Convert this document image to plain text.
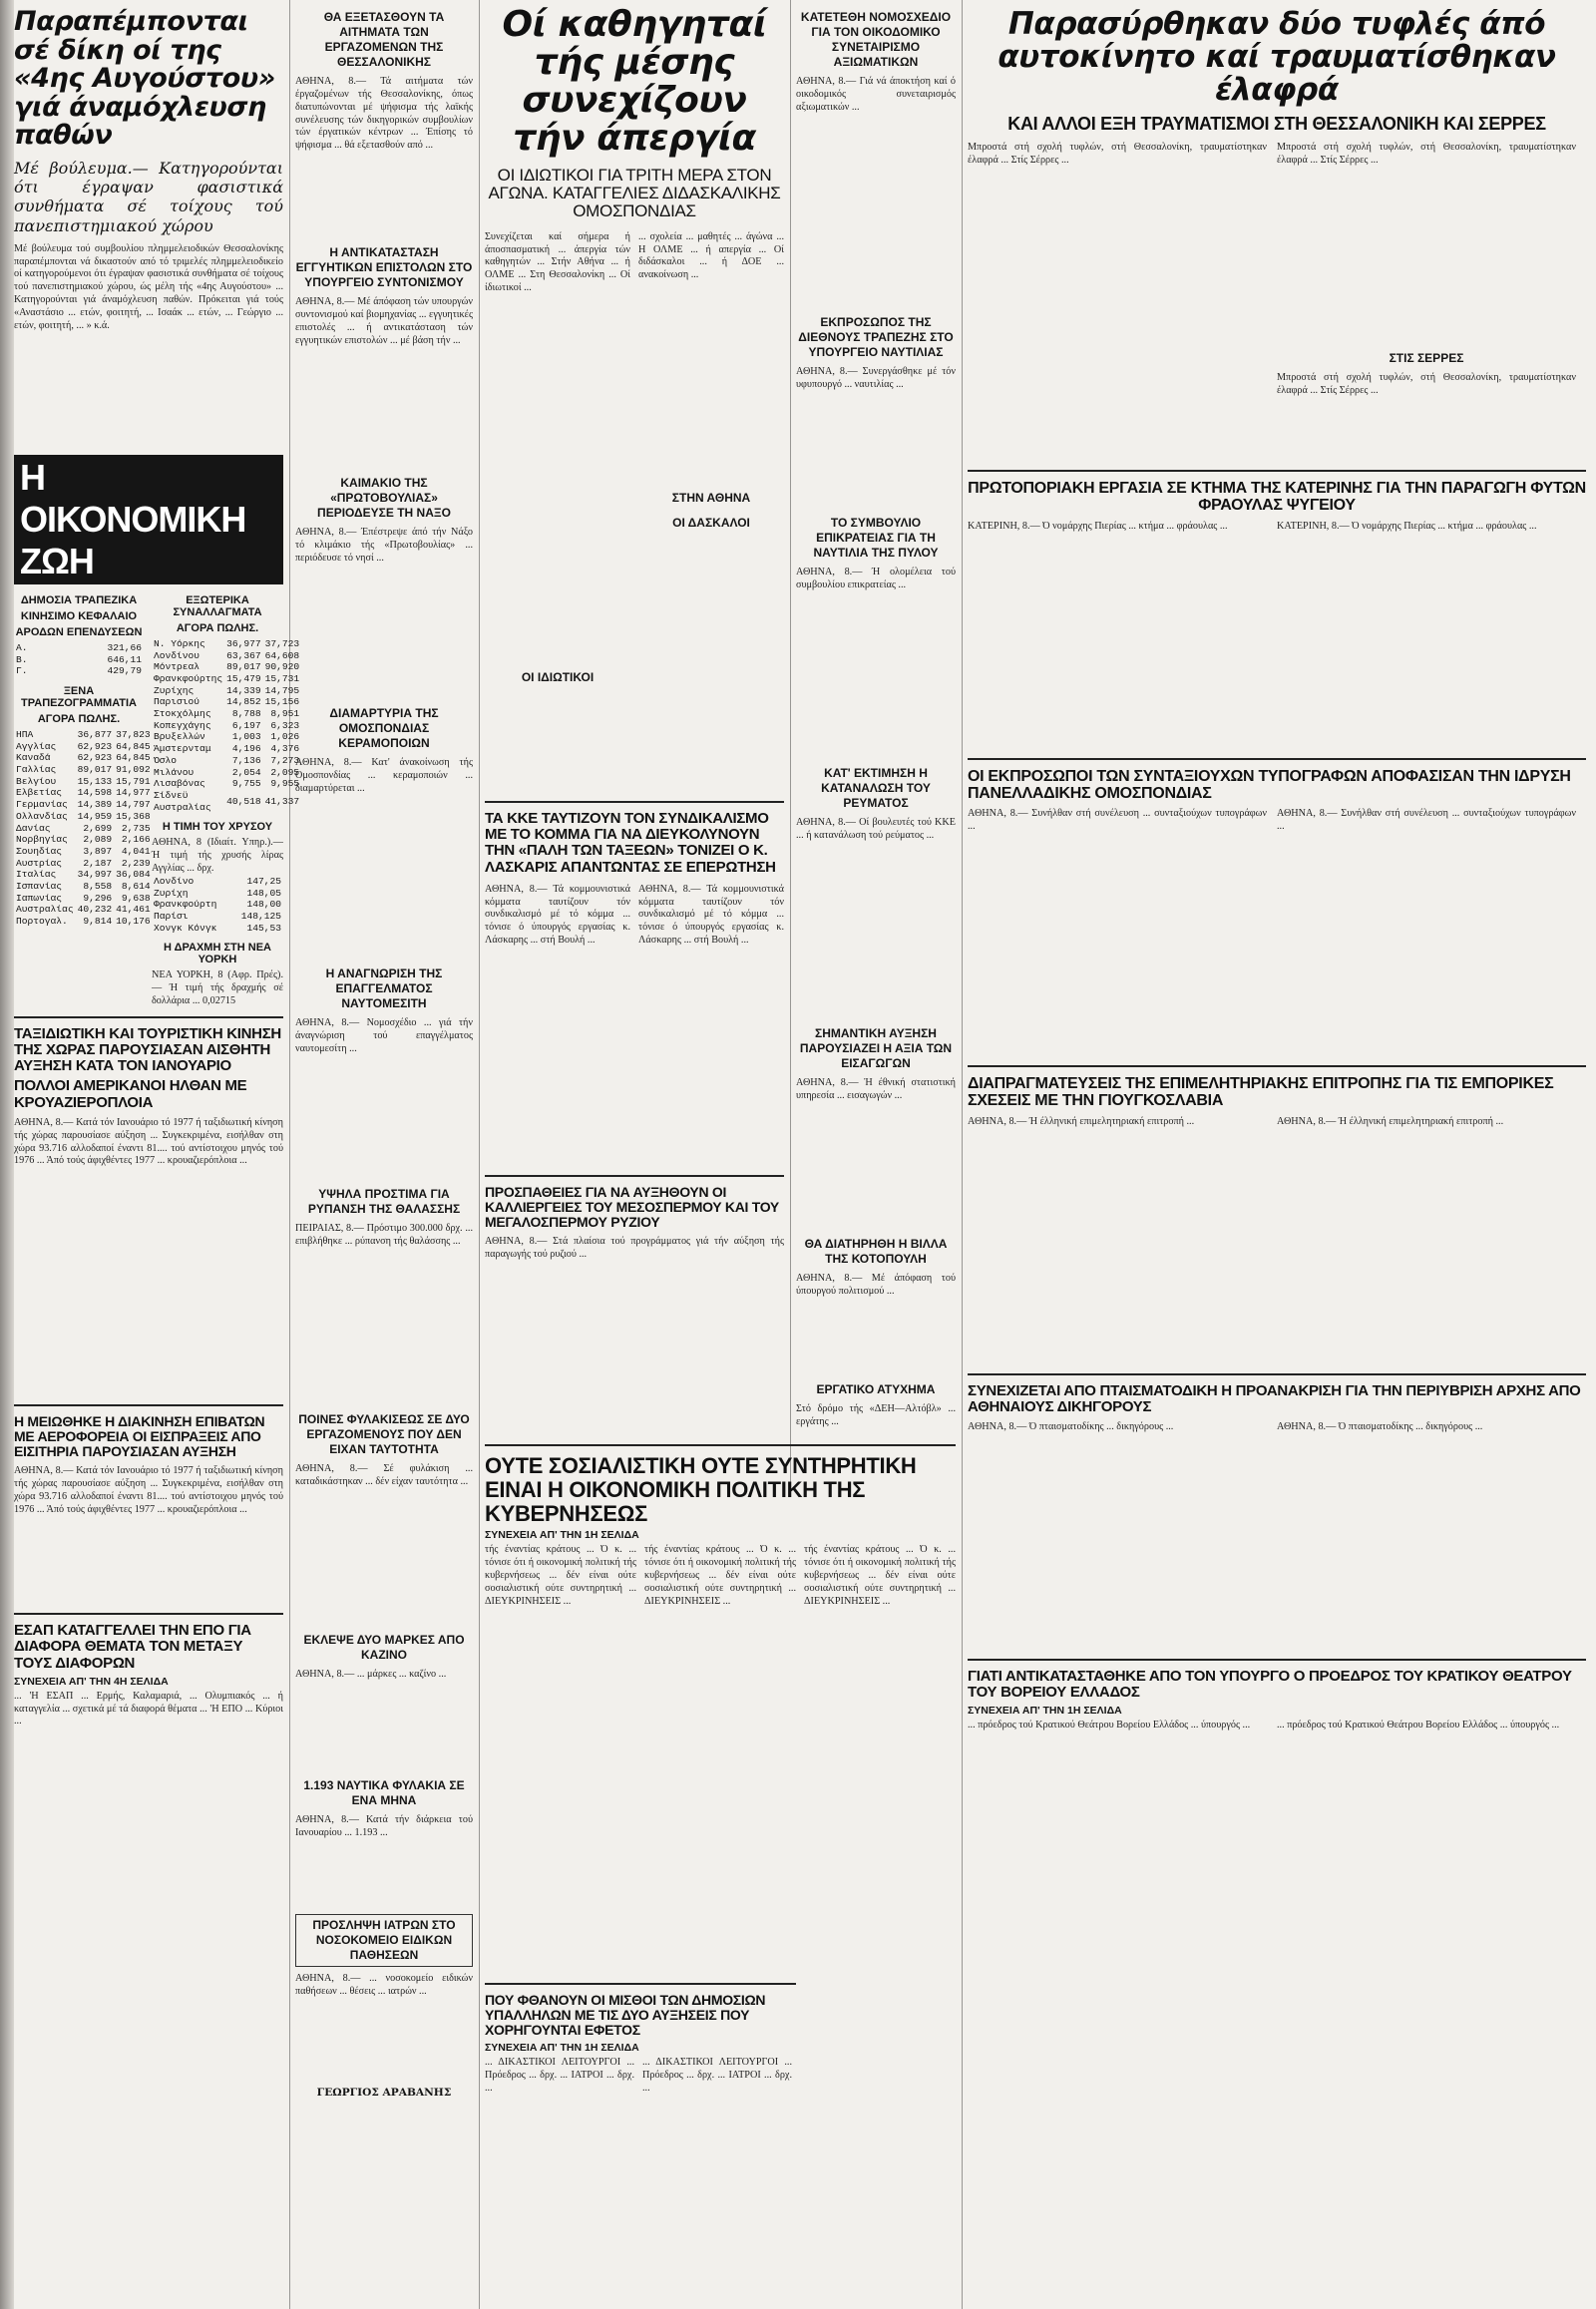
Παραπέμπονται σέ δίκη οί της «4ης Αυγούστου» γιά άναμόχλευση παθών
Μέ βούλευμα.— Κατηγορούνται ότι έγραψαν φασιστικά συνθήματα σέ τοίχους τού πανεπιστημιακού χώρου
Μέ βούλευμα τού συμβουλίου πλημμελειοδικών Θεσσαλονίκης παραπέμπονται νά δικαστούν από τό τριμελές πλημμελειοδικείο οί κατηγορούμενοι ότι έγραψαν φασιστικά συνθήματα σέ τοίχους τού πανεπιστημιακού χώρου, ώς μέλη τής «4ης Αυγούστου» ... Κατηγορούνται γιά άναμόχλευση παθών. Πρόκειται γιά τούς «Αναστάσιο ... ετών, φοιτητή, ... Ισαάκ ... ετών, ... Γεώργιο ... ετών, φοιτητή, ... » κ.ά.
Η ΟΙΚΟΝΟΜΙΚΗ ΖΩΗ
ΔΗΜΟΣΙΑ ΤΡΑΠΕΖΙΚΑ
ΚΙΝΗΣΙΜΟ ΚΕΦΑΛΑΙΟ
ΑΡΟΔΩΝ ΕΠΕΝΔΥΣΕΩΝ
Α.	321,66
Β.	646,11
Γ.	429,79
ΞΕΝΑ ΤΡΑΠΕΖΟΓΡΑΜΜΑΤΙΑ
ΑΓΟΡΑ ΠΩΛΗΣ.
ΗΠΑ	36,877	37,823
Αγγλίας	62,923	64,845
Καναδά	62,923	64,845
Γαλλίας	89,017	91,092
Βελγίου	15,133	15,791
Ελβετίας	14,598	14,977
Γερμανίας	14,389	14,797
Ολλανδίας	14,959	15,368
Δανίας	2,699	2,735
Νορβηγίας	2,089	2,166
Σουηδίας	3,897	4,041
Αυστρίας	2,187	2,239
Ιταλίας	34,997	36,084
Ισπανίας	8,558	8,614
Ιαπωνίας	9,296	9,638
Αυστραλίας	40,232	41,461
Πορτογαλ.	9,814	10,176
ΕΞΩΤΕΡΙΚΑ ΣΥΝΑΛΛΑΓΜΑΤΑ
ΑΓΟΡΑ ΠΩΛΗΣ.
Ν. Υόρκης	36,977	37,723
Λονδίνου	63,367	64,608
Μόντρεαλ	89,017	90,920
Φρανκφούρτης	15,479	15,731
Ζυρίχης	14,339	14,795
Παρισιού	14,852	15,156
Στοκχόλμης	8,788	8,951
Κοπεγχάγης	6,197	6,323
Βρυξελλών	1,003	1,026
Άμστερνταμ	4,196	4,376
Όσλο	7,136	7,273
Μιλάνου	2,054	2,095
Λισαβόνας	9,755	9,955
Σίδνεϋ Αυστραλίας	40,518	41,337
Η ΤΙΜΗ ΤΟΥ ΧΡΥΣΟΥ
ΑΘΗΝΑ, 8 (Ιδιαίτ. Υπηρ.).— Ή τιμή τής χρυσής λίρας Αγγλίας ... δρχ.
Λονδίνο	147,25
Ζυρίχη	148,05
Φρανκφούρτη	148,00
Παρίσι	148,125
Χονγκ Κόνγκ	145,53
Η ΔΡΑΧΜΗ ΣΤΗ ΝΕΑ ΥΟΡΚΗ
ΝΕΑ ΥΟΡΚΗ, 8 (Αφρ. Πρές).— Ή τιμή τής δραχμής σέ δολλάρια ... 0,02715
ΤΑΞΙΔΙΩΤΙΚΗ ΚΑΙ ΤΟΥΡΙΣΤΙΚΗ ΚΙΝΗΣΗ ΤΗΣ ΧΩΡΑΣ ΠΑΡΟΥΣΙΑΣΑΝ ΑΙΣΘΗΤΗ ΑΥΞΗΣΗ ΚΑΤΑ ΤΟΝ ΙΑΝΟΥΑΡΙΟ
ΠΟΛΛΟΙ ΑΜΕΡΙΚΑΝΟΙ ΗΛΘΑΝ ΜΕ ΚΡΟΥΑΖΙΕΡΟΠΛΟΙΑ
ΑΘΗΝΑ, 8.— Κατά τόν Ιανουάριο τό 1977 ή ταξιδιωτική κίνηση τής χώρας παρουσίασε αύξηση ... Συγκεκριμένα, εισήλθαν στη χώρα 93.716 αλλοδαποί έναντι 81.... τού αντίστοιχου μηνός τού 1976 ... Άπό τούς άφιχθέντες 1977 ... κρουαζιερόπλοια ...
Η ΜΕΙΩΘΗΚΕ Η ΔΙΑΚΙΝΗΣΗ ΕΠΙΒΑΤΩΝ ΜΕ ΑΕΡΟΦΟΡΕΙΑ ΟΙ ΕΙΣΠΡΑΞΕΙΣ ΑΠΟ ΕΙΣΙΤΗΡΙΑ ΠΑΡΟΥΣΙΑΣΑΝ ΑΥΞΗΣΗ
ΑΘΗΝΑ, 8.— Κατά τόν Ιανουάριο τό 1977 ή ταξιδιωτική κίνηση τής χώρας παρουσίασε αύξηση ... Συγκεκριμένα, εισήλθαν στη χώρα 93.716 αλλοδαποί έναντι 81.... τού αντίστοιχου μηνός τού 1976 ... Άπό τούς άφιχθέντες 1977 ... κρουαζιερόπλοια ...
ΕΣΑΠ ΚΑΤΑΓΓΕΛΛΕΙ ΤΗΝ ΕΠΟ ΓΙΑ ΔΙΑΦΟΡΑ ΘΕΜΑΤΑ ΤΟΝ ΜΕΤΑΞΥ ΤΟΥΣ ΔΙΑΦΟΡΩΝ
ΣΥΝΕΧΕΙΑ ΑΠ' ΤΗΝ 4Η ΣΕΛΙΔΑ
... 'Η ΕΣΑΠ ... Ερμής, Καλαμαριά, ... Ολυμπιακός ... ή καταγγελία ... σχετικά μέ τά διαφορά θέματα ... 'Η ΕΠΟ ... Κύριοι ...
ΘΑ ΕΞΕΤΑΣΘΟΥΝ ΤΑ ΑΙΤΗΜΑΤΑ ΤΩΝ ΕΡΓΑΖΟΜΕΝΩΝ ΤΗΣ ΘΕΣΣΑΛΟΝΙΚΗΣ
ΑΘΗΝΑ, 8.— Τά αιτήματα τών έργαζομένων τής Θεσσαλονίκης, όπως διατυπώνονται μέ ψήφισμα τής λαϊκής συνέλευσης τών δικηγορικών συμβουλίων τών έργατικών κέντρων ... Έπίσης τό ψήφισμα ... θά εξετασθούν από ...
Η ΑΝΤΙΚΑΤΑΣΤΑΣΗ ΕΓΓΥΗΤΙΚΩΝ ΕΠΙΣΤΟΛΩΝ ΣΤΟ ΥΠΟΥΡΓΕΙΟ ΣΥΝΤΟΝΙΣΜΟΥ
ΑΘΗΝΑ, 8.— Μέ άπόφαση τών υπουργών συντονισμού καί βιομηχανίας ... εγγυητικές επιστολές ... ή αντικατάσταση τών εγγυητικών επιστολών ... μέ βάση τήν ...
ΚΑΙΜΑΚΙΟ ΤΗΣ «ΠΡΩΤΟΒΟΥΛΙΑΣ» ΠΕΡΙΟΔΕΥΣΕ ΤΗ ΝΑΞΟ
ΑΘΗΝΑ, 8.— Έπέστρεψε άπό τήν Νάξο τό κλιμάκιο τής «Πρωτοβουλίας» ... περιόδευσε τό νησί ...
ΔΙΑΜΑΡΤΥΡΙΑ ΤΗΣ ΟΜΟΣΠΟΝΔΙΑΣ ΚΕΡΑΜΟΠΟΙΩΝ
ΑΘΗΝΑ, 8.— Κατ' άνακοίνωση τής Ομοσπονδίας ... κεραμοποιών ... διαμαρτύρεται ...
Η ΑΝΑΓΝΩΡΙΣΗ ΤΗΣ ΕΠΑΓΓΕΛΜΑΤΟΣ ΝΑΥΤΟΜΕΣΙΤΗ
ΑΘΗΝΑ, 8.— Νομοσχέδιο ... γιά τήν άναγνώριση τού επαγγέλματος ναυτομεσίτη ...
ΥΨΗΛΑ ΠΡΟΣΤΙΜΑ ΓΙΑ ΡΥΠΑΝΣΗ ΤΗΣ ΘΑΛΑΣΣΗΣ
ΠΕΙΡΑΙΑΣ, 8.— Πρόστιμο 300.000 δρχ. ... επιβλήθηκε ... ρύπανση τής θαλάσσης ...
ΠΟΙΝΕΣ ΦΥΛΑΚΙΣΕΩΣ ΣΕ ΔΥΟ ΕΡΓΑΖΟΜΕΝΟΥΣ ΠΟΥ ΔΕΝ ΕΙΧΑΝ ΤΑΥΤΟΤΗΤΑ
ΑΘΗΝΑ, 8.— Σέ φυλάκιση ... καταδικάστηκαν ... δέν είχαν ταυτότητα ...
ΕΚΛΕΨΕ ΔΥΟ ΜΑΡΚΕΣ ΑΠΟ ΚΑΖΙΝΟ
ΑΘΗΝΑ, 8.— ... μάρκες ... καζίνο ...
1.193 ΝΑΥΤΙΚΑ ΦΥΛΑΚΙΑ ΣΕ ΕΝΑ ΜΗΝΑ
ΑΘΗΝΑ, 8.— Κατά τήν διάρκεια τού Ιανουαρίου ... 1.193 ...
ΠΡΟΣΛΗΨΗ ΙΑΤΡΩΝ ΣΤΟ ΝΟΣΟΚΟΜΕΙΟ ΕΙΔΙΚΩΝ ΠΑΘΗΣΕΩΝ
ΑΘΗΝΑ, 8.— ... νοσοκομείο ειδικών παθήσεων ... θέσεις ... ιατρών ...
ΓΕΩΡΓΙΟΣ ΑΡΑΒΑΝΗΣ
Οί καθηγηταί τής μέσης συνεχίζουν τήν άπεργία
ΟΙ ΙΔΙΩΤΙΚΟΙ ΓΙΑ ΤΡΙΤΗ ΜΕΡΑ ΣΤΟΝ ΑΓΩΝΑ. ΚΑΤΑΓΓΕΛΙΕΣ ΔΙΔΑΣΚΑΛΙΚΗΣ ΟΜΟΣΠΟΝΔΙΑΣ
Συνεχίζεται καί σήμερα ή άποσπασματική ... άπεργία τών καθηγητών ... Στήν Αθήνα ... ή ΟΛΜΕ ... Στη Θεσσαλονίκη ... Οί ίδιωτικοί ...
ΟΙ ΙΔΙΩΤΙΚΟΙ
... σχολεία ... μαθητές ... άγώνα ... Η ΟΛΜΕ ... ή απεργία ... Οί διδάσκαλοι ... ή ΔΟΕ ... ανακοίνωση ...
ΣΤΗΝ ΑΘΗΝΑ
ΟΙ ΔΑΣΚΑΛΟΙ
ΚΑΤΕΤΕΘΗ ΝΟΜΟΣΧΕΔΙΟ ΓΙΑ ΤΟΝ ΟΙΚΟΔΟΜΙΚΟ ΣΥΝΕΤΑΙΡΙΣΜΟ ΑΞΙΩΜΑΤΙΚΩΝ
ΑΘΗΝΑ, 8.— Γιά νά άποκτήση καί ό οικοδομικός συνεταιρισμός αξιωματικών ...
ΕΚΠΡΟΣΩΠΟΣ ΤΗΣ ΔΙΕΘΝΟΥΣ ΤΡΑΠΕΖΗΣ ΣΤΟ ΥΠΟΥΡΓΕΙΟ ΝΑΥΤΙΛΙΑΣ
ΑΘΗΝΑ, 8.— Συνεργάσθηκε μέ τόν υφυπουργό ... ναυτιλίας ...
ΤΟ ΣΥΜΒΟΥΛΙΟ ΕΠΙΚΡΑΤΕΙΑΣ ΓΙΑ ΤΗ ΝΑΥΤΙΛΙΑ ΤΗΣ ΠΥΛΟΥ
ΑΘΗΝΑ, 8.— Ή ολομέλεια τού συμβουλίου επικρατείας ...
ΚΑΤ' ΕΚΤΙΜΗΣΗ Η ΚΑΤΑΝΑΛΩΣΗ ΤΟΥ ΡΕΥΜΑΤΟΣ
ΑΘΗΝΑ, 8.— Οί βουλευτές τού ΚΚΕ ... ή κατανάλωση τού ρεύματος ...
ΣΗΜΑΝΤΙΚΗ ΑΥΞΗΣΗ ΠΑΡΟΥΣΙΑΖΕΙ Η ΑΞΙΑ ΤΩΝ ΕΙΣΑΓΩΓΩΝ
ΑΘΗΝΑ, 8.— Ή έθνική στατιστική υπηρεσία ... εισαγωγών ...
ΘΑ ΔΙΑΤΗΡΗΘΗ Η ΒΙΛΛΑ ΤΗΣ ΚΟΤΟΠΟΥΛΗ
ΑΘΗΝΑ, 8.— Μέ άπόφαση τού ύπουργού πολιτισμού ...
ΕΡΓΑΤΙΚΟ ΑΤΥΧΗΜΑ
Στό δρόμο τής «ΔΕΗ—Αλτόβλ» ... εργάτης ...
ΤΑ ΚΚΕ ΤΑΥΤΙΖΟΥΝ ΤΟΝ ΣΥΝΔΙΚΑΛΙΣΜΟ ΜΕ ΤΟ ΚΟΜΜΑ ΓΙΑ ΝΑ ΔΙΕΥΚΟΛΥΝΟΥΝ ΤΗΝ «ΠΑΛΗ ΤΩΝ ΤΑΞΕΩΝ» ΤΟΝΙΖΕΙ Ο Κ. ΛΑΣΚΑΡΙΣ ΑΠΑΝΤΩΝΤΑΣ ΣΕ ΕΠΕΡΩΤΗΣΗ
ΑΘΗΝΑ, 8.— Τά κομμουνιστικά κόμματα ταυτίζουν τόν συνδικαλισμό μέ τό κόμμα ... τόνισε ό ύπουργός εργασίας κ. Λάσκαρης ... στή Βουλή ...
ΑΘΗΝΑ, 8.— Τά κομμουνιστικά κόμματα ταυτίζουν τόν συνδικαλισμό μέ τό κόμμα ... τόνισε ό ύπουργός εργασίας κ. Λάσκαρης ... στή Βουλή ...
ΠΡΟΣΠΑΘΕΙΕΣ ΓΙΑ ΝΑ ΑΥΞΗΘΟΥΝ ΟΙ ΚΑΛΛΙΕΡΓΕΙΕΣ ΤΟΥ ΜΕΣΟΣΠΕΡΜΟΥ ΚΑΙ ΤΟΥ ΜΕΓΑΛΟΣΠΕΡΜΟΥ ΡΥΖΙΟΥ
ΑΘΗΝΑ, 8.— Στά πλαίσια τού προγράμματος γιά τήν αύξηση τής παραγωγής τού ρυζιού ...
ΟΥΤΕ ΣΟΣΙΑΛΙΣΤΙΚΗ ΟΥΤΕ ΣΥΝΤΗΡΗΤΙΚΗ ΕΙΝΑΙ Η ΟΙΚΟΝΟΜΙΚΗ ΠΟΛΙΤΙΚΗ ΤΗΣ ΚΥΒΕΡΝΗΣΕΩΣ
ΣΥΝΕΧΕΙΑ ΑΠ' ΤΗΝ 1Η ΣΕΛΙΔΑ
τής έναντίας κράτους ... Ό κ. ... τόνισε ότι ή οικονομική πολιτική τής κυβερνήσεως ... δέν είναι ούτε σοσιαλιστική ούτε συντηρητική ... ΔΙΕΥΚΡΙΝΗΣΕΙΣ ...
τής έναντίας κράτους ... Ό κ. ... τόνισε ότι ή οικονομική πολιτική τής κυβερνήσεως ... δέν είναι ούτε σοσιαλιστική ούτε συντηρητική ... ΔΙΕΥΚΡΙΝΗΣΕΙΣ ...
τής έναντίας κράτους ... Ό κ. ... τόνισε ότι ή οικονομική πολιτική τής κυβερνήσεως ... δέν είναι ούτε σοσιαλιστική ούτε συντηρητική ... ΔΙΕΥΚΡΙΝΗΣΕΙΣ ...
ΠΟΥ ΦΘΑΝΟΥΝ ΟΙ ΜΙΣΘΟΙ ΤΩΝ ΔΗΜΟΣΙΩΝ ΥΠΑΛΛΗΛΩΝ ΜΕ ΤΙΣ ΔΥΟ ΑΥΞΗΣΕΙΣ ΠΟΥ ΧΟΡΗΓΟΥΝΤΑΙ ΕΦΕΤΟΣ
ΣΥΝΕΧΕΙΑ ΑΠ' ΤΗΝ 1Η ΣΕΛΙΔΑ
... ΔΙΚΑΣΤΙΚΟΙ ΛΕΙΤΟΥΡΓΟΙ ... Πρόεδρος ... δρχ. ... ΙΑΤΡΟΙ ... δρχ. ...
... ΔΙΚΑΣΤΙΚΟΙ ΛΕΙΤΟΥΡΓΟΙ ... Πρόεδρος ... δρχ. ... ΙΑΤΡΟΙ ... δρχ. ...
Παρασύρθηκαν δύο τυφλές άπό αυτοκίνητο καί τραυματίσθηκαν έλαφρά
ΚΑΙ ΑΛΛΟΙ ΕΞΗ ΤΡΑΥΜΑΤΙΣΜΟΙ ΣΤΗ ΘΕΣΣΑΛΟΝΙΚΗ ΚΑΙ ΣΕΡΡΕΣ
Μπροστά στή σχολή τυφλών, στή Θεσσαλονίκη, τραυματίστηκαν έλαφρά ... Στίς Σέρρες ...
Μπροστά στή σχολή τυφλών, στή Θεσσαλονίκη, τραυματίστηκαν έλαφρά ... Στίς Σέρρες ...
ΣΤΙΣ ΣΕΡΡΕΣ
Μπροστά στή σχολή τυφλών, στή Θεσσαλονίκη, τραυματίστηκαν έλαφρά ... Στίς Σέρρες ...
ΠΡΩΤΟΠΟΡΙΑΚΗ ΕΡΓΑΣΙΑ ΣΕ ΚΤΗΜΑ ΤΗΣ ΚΑΤΕΡΙΝΗΣ ΓΙΑ ΤΗΝ ΠΑΡΑΓΩΓΗ ΦΥΤΩΝ ΦΡΑΟΥΛΑΣ ΨΥΓΕΙΟΥ
ΚΑΤΕΡΙΝΗ, 8.— Ό νομάρχης Πιερίας ... κτήμα ... φράουλας ...	ΚΑΤΕΡΙΝΗ, 8.— Ό νομάρχης Πιερίας ... κτήμα ... φράουλας ...
ΟΙ ΕΚΠΡΟΣΩΠΟΙ ΤΩΝ ΣΥΝΤΑΞΙΟΥΧΩΝ ΤΥΠΟΓΡΑΦΩΝ ΑΠΟΦΑΣΙΣΑΝ ΤΗΝ ΙΔΡΥΣΗ ΠΑΝΕΛΛΑΔΙΚΗΣ ΟΜΟΣΠΟΝΔΙΑΣ
ΑΘΗΝΑ, 8.— Συνήλθαν στή συνέλευση ... συνταξιούχων τυπογράφων ...
ΑΘΗΝΑ, 8.— Συνήλθαν στή συνέλευση ... συνταξιούχων τυπογράφων ...
ΔΙΑΠΡΑΓΜΑΤΕΥΣΕΙΣ ΤΗΣ ΕΠΙΜΕΛΗΤΗΡΙΑΚΗΣ ΕΠΙΤΡΟΠΗΣ ΓΙΑ ΤΙΣ ΕΜΠΟΡΙΚΕΣ ΣΧΕΣΕΙΣ ΜΕ ΤΗΝ ΓΙΟΥΓΚΟΣΛΑΒΙΑ
ΑΘΗΝΑ, 8.— Ή έλληνική επιμελητηριακή επιτροπή ...	ΑΘΗΝΑ, 8.— Ή έλληνική επιμελητηριακή επιτροπή ...
ΣΥΝΕΧΙΖΕΤΑΙ ΑΠΟ ΠΤΑΙΣΜΑΤΟΔΙΚΗ Η ΠΡΟΑΝΑΚΡΙΣΗ ΓΙΑ ΤΗΝ ΠΕΡΙΥΒΡΙΣΗ ΑΡΧΗΣ ΑΠΟ ΑΘΗΝΑΙΟΥΣ ΔΙΚΗΓΟΡΟΥΣ
ΑΘΗΝΑ, 8.— Ό πταισματοδίκης ... δικηγόρους ...	ΑΘΗΝΑ, 8.— Ό πταισματοδίκης ... δικηγόρους ...
ΓΙΑΤΙ ΑΝΤΙΚΑΤΑΣΤΑΘΗΚΕ ΑΠΟ ΤΟΝ ΥΠΟΥΡΓΟ Ο ΠΡΟΕΔΡΟΣ ΤΟΥ ΚΡΑΤΙΚΟΥ ΘΕΑΤΡΟΥ ΤΟΥ ΒΟΡΕΙΟΥ ΕΛΛΑΔΟΣ
ΣΥΝΕΧΕΙΑ ΑΠ' ΤΗΝ 1Η ΣΕΛΙΔΑ
... πρόεδρος τού Κρατικού Θεάτρου Βορείου Ελλάδος ... ύπουργός ...	... πρόεδρος τού Κρατικού Θεάτρου Βορείου Ελλάδος ... ύπουργός ...
